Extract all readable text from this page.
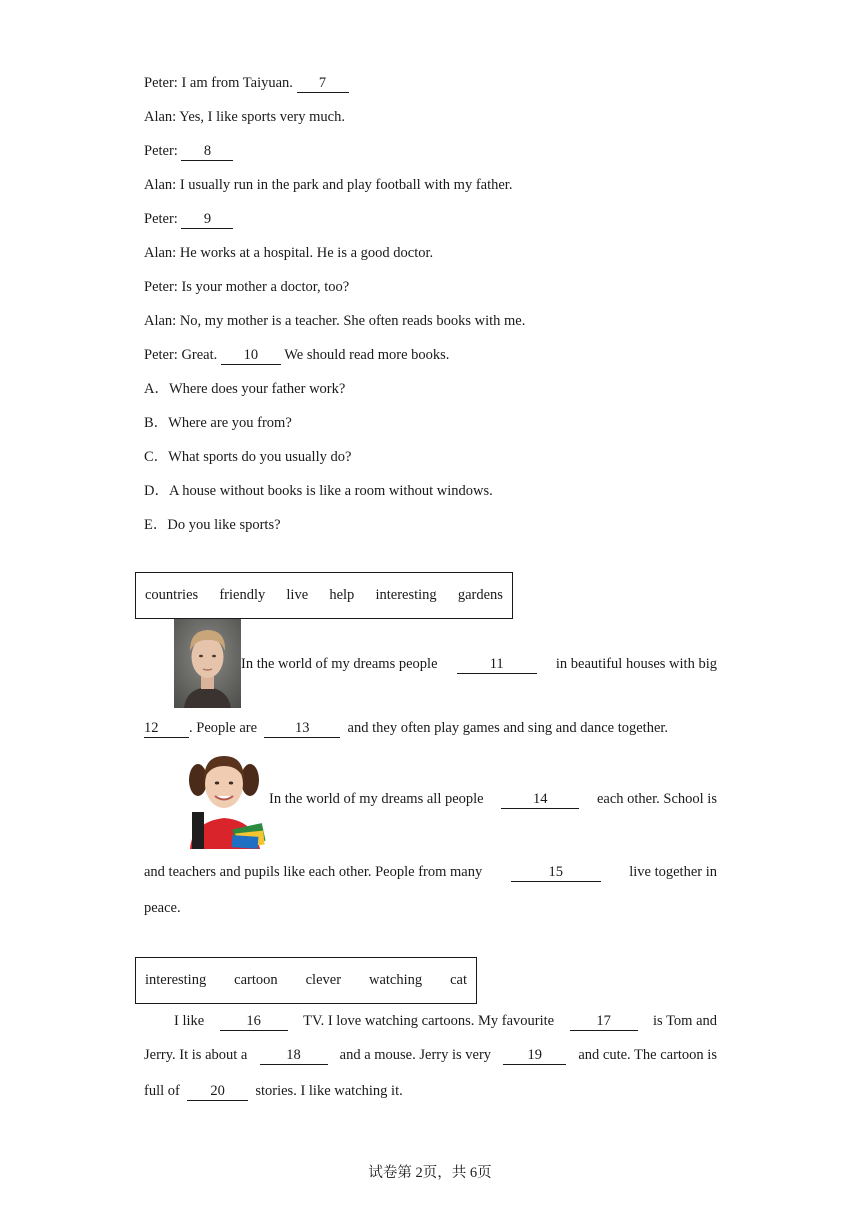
Peter: I am from Taiyuan. 7
Alan: Yes, I like sports very much.
Peter: 8
Alan: I usually run in the park and play football with my father.
Peter: 9
Alan: He works at a hospital. He is a good doctor.
Peter: Is your mother a doctor, too?
Alan: No, my mother is a teacher. She often reads books with me.
Peter: Great. 10 We should read more books.
A．Where does your father work?
B．Where are you from?
C．What sports do you usually do?
D．A house without books is like a room without windows.
E．Do you like sports?
countries friendly live help interesting gardens
In the world of my dreams people	11	in beautiful houses with big
12 . People are	13	and they often play games and sing and dance together.
In the world of my dreams all people	14	each other. School is
and teachers and pupils like each other. People from many	15	live together in
peace.
interesting cartoon clever watching cat
I like	16	TV. I love watching cartoons. My favourite	17	is Tom and
Jerry. It is about a	18	and a mouse. Jerry is very	19	and cute. The cartoon is
full of 20 stories. I like watching it.
试卷第 2页，共 6页
